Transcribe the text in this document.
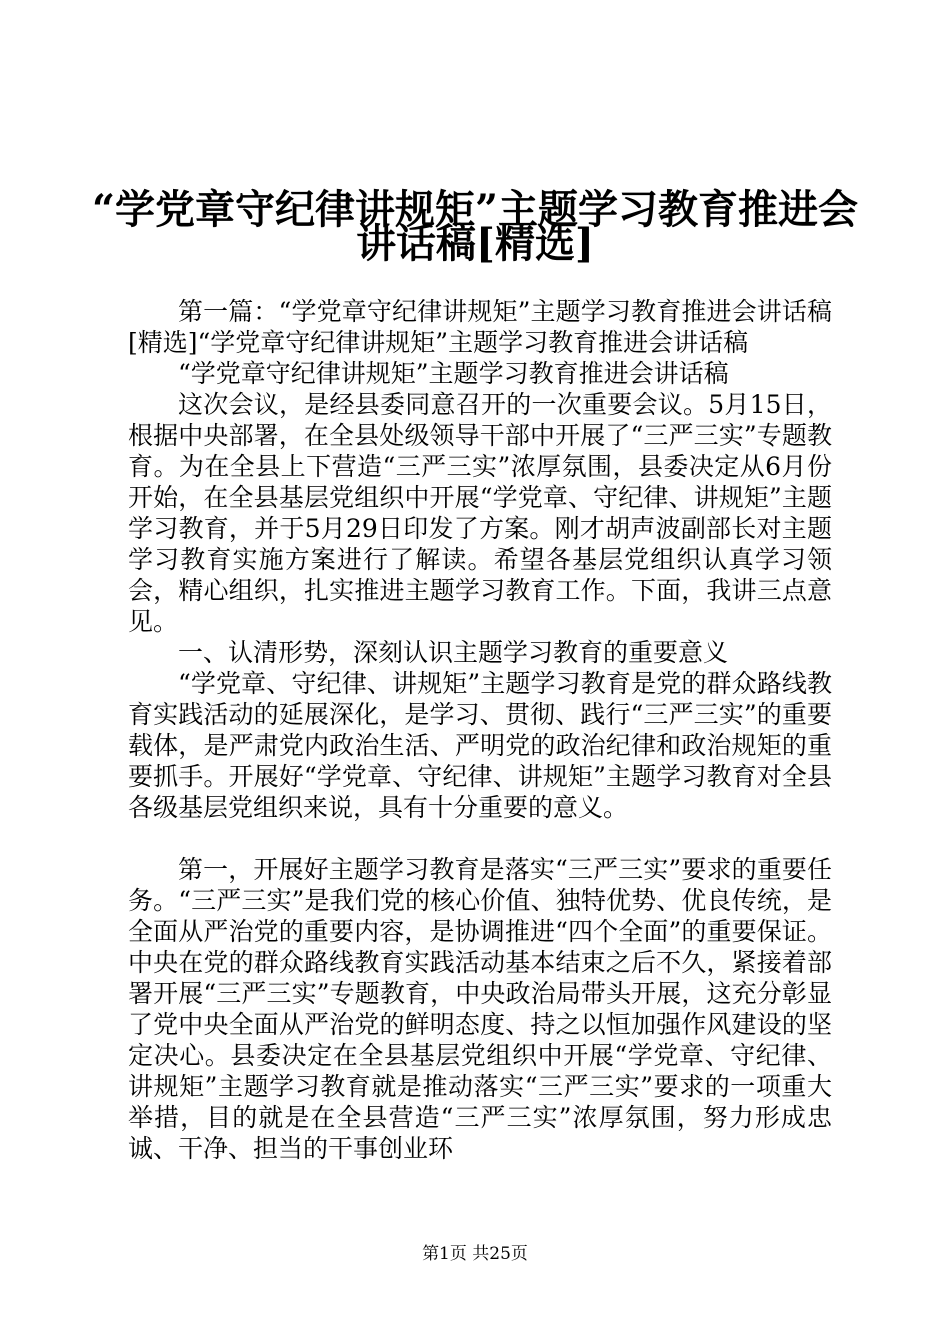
“学党章守纪律讲规矩”主题学习教育推进会
讲话稿[精选]

第一篇：“学党章守纪律讲规矩”主题学习教育推进会讲话稿[精选]“学党章守纪律讲规矩”主题学习教育推进会讲话稿

“学党章守纪律讲规矩”主题学习教育推进会讲话稿

这次会议，是经县委同意召开的一次重要会议。5月15日，根据中央部署，在全县处级领导干部中开展了“三严三实”专题教育。为在全县上下营造“三严三实”浓厚氛围，县委决定从6月份开始，在全县基层党组织中开展“学党章、守纪律、讲规矩”主题学习教育，并于5月29日印发了方案。刚才胡声波副部长对主题学习教育实施方案进行了解读。希望各基层党组织认真学习领会，精心组织，扎实推进主题学习教育工作。下面，我讲三点意见。

一、认清形势，深刻认识主题学习教育的重要意义

“学党章、守纪律、讲规矩”主题学习教育是党的群众路线教育实践活动的延展深化，是学习、贯彻、践行“三严三实”的重要载体，是严肃党内政治生活、严明党的政治纪律和政治规矩的重要抓手。开展好“学党章、守纪律、讲规矩”主题学习教育对全县各级基层党组织来说，具有十分重要的意义。

第一，开展好主题学习教育是落实“三严三实”要求的重要任务。“三严三实”是我们党的核心价值、独特优势、优良传统，是全面从严治党的重要内容，是协调推进“四个全面”的重要保证。中央在党的群众路线教育实践活动基本结束之后不久，紧接着部署开展“三严三实”专题教育，中央政治局带头开展，这充分彰显了党中央全面从严治党的鲜明态度、持之以恒加强作风建设的坚定决心。县委决定在全县基层党组织中开展“学党章、守纪律、讲规矩”主题学习教育就是推动落实“三严三实”要求的一项重大举措，目的就是在全县营造“三严三实”浓厚氛围，努力形成忠诚、干净、担当的干事创业环

第1页 共25页
